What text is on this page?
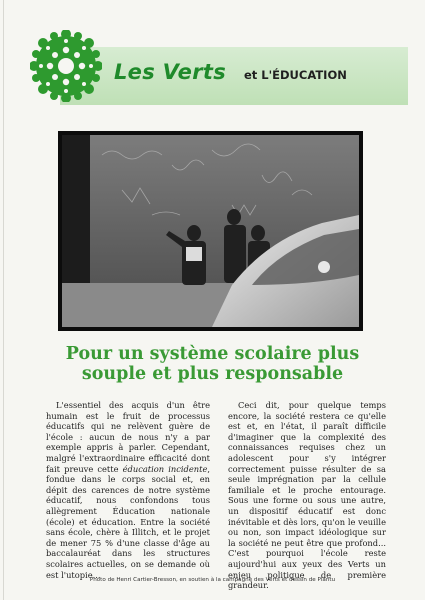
Les Verts et L'ÉDUCATION
Pour un système scolaire plus
souple et plus responsable

L'essentiel des acquis d'un être humain est le fruit de processus éducatifs qui ne relèvent guère de l'école : aucun de nous n'y a par exemple appris à parler. Cependant, malgré l'extraordinaire efficacité dont fait preuve cette éducation incidente, fondue dans le corps social et, en dépit des carences de notre système éducatif, nous confondons tous allègrement Éducation nationale (école) et éducation. Entre la société sans école, chère à Illitch, et le projet de mener 75 % d'une classe d'âge au baccalauréat dans les structures scolaires actuelles, on se demande où est l'utopie...

Ceci dit, pour quelque temps encore, la société restera ce qu'elle est et, en l'état, il paraît difficile d'imaginer que la complexité des connaissances requises chez un adolescent pour s'y intégrer correctement puisse résulter de sa seule imprégnation par la cellule familiale et le proche entourage. Sous une forme ou sous une autre, un dispositif éducatif est donc inévitable et dès lors, qu'on le veuille ou non, son impact idéologique sur la société ne peut être que profond... C'est pourquoi l'école reste aujourd'hui aux yeux des Verts un enjeu politique de première grandeur.

Photo de Henri Cartier-Bresson, en soutien à la campagne des Verts et dessin de Plantu
